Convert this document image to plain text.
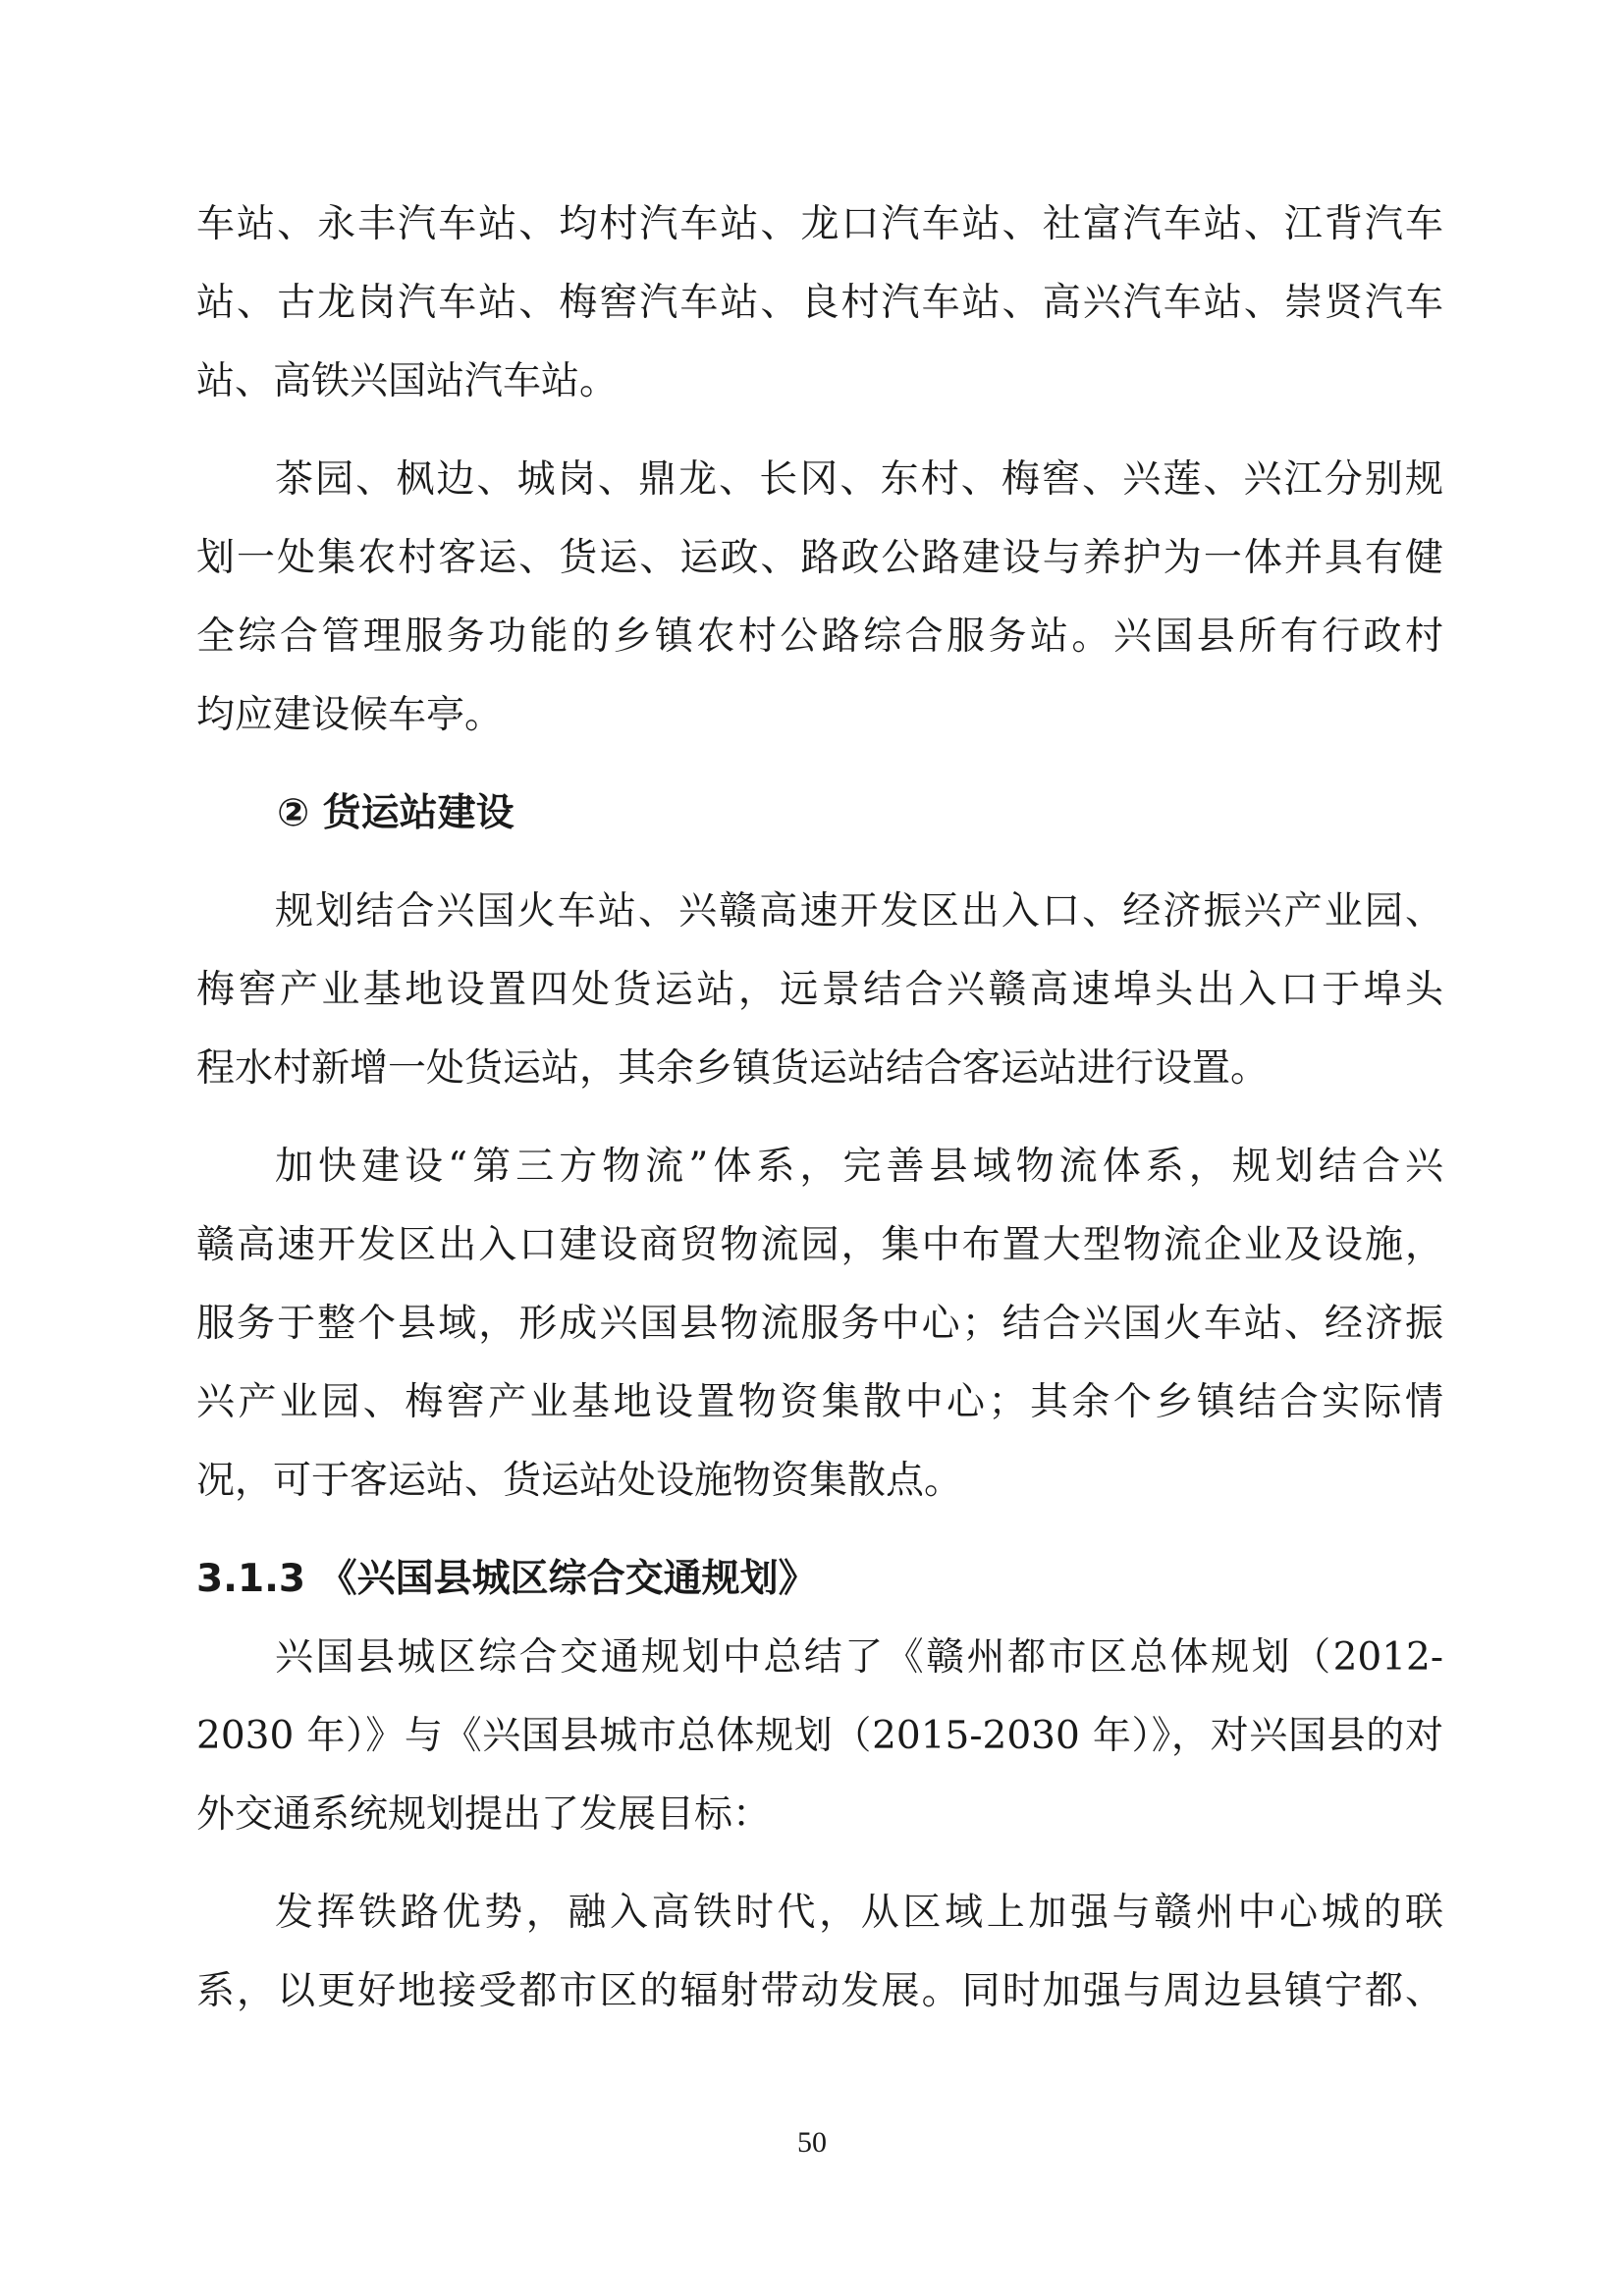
车站、永丰汽车站、均村汽车站、龙口汽车站、社富汽车站、江背汽车
站、古龙岗汽车站、梅窖汽车站、良村汽车站、高兴汽车站、崇贤汽车
站、高铁兴国站汽车站。
茶园、枫边、城岗、鼎龙、长冈、东村、梅窖、兴莲、兴江分别规
划一处集农村客运、货运、运政、路政公路建设与养护为一体并具有健
全综合管理服务功能的乡镇农村公路综合服务站。兴国县所有行政村
均应建设候车亭。
② 货运站建设
规划结合兴国火车站、兴赣高速开发区出入口、经济振兴产业园、
梅窖产业基地设置四处货运站，远景结合兴赣高速埠头出入口于埠头
程水村新增一处货运站，其余乡镇货运站结合客运站进行设置。
加快建设“第三方物流”体系，完善县域物流体系，规划结合兴
赣高速开发区出入口建设商贸物流园，集中布置大型物流企业及设施，
服务于整个县域，形成兴国县物流服务中心；结合兴国火车站、经济振
兴产业园、梅窖产业基地设置物资集散中心；其余个乡镇结合实际情
况，可于客运站、货运站处设施物资集散点。
3.1.3 《兴国县城区综合交通规划》
兴国县城区综合交通规划中总结了《赣州都市区总体规划（2012-
2030 年）》与《兴国县城市总体规划（2015-2030 年）》，对兴国县的对
外交通系统规划提出了发展目标：
发挥铁路优势，融入高铁时代，从区域上加强与赣州中心城的联
系，以更好地接受都市区的辐射带动发展。同时加强与周边县镇宁都、
50
